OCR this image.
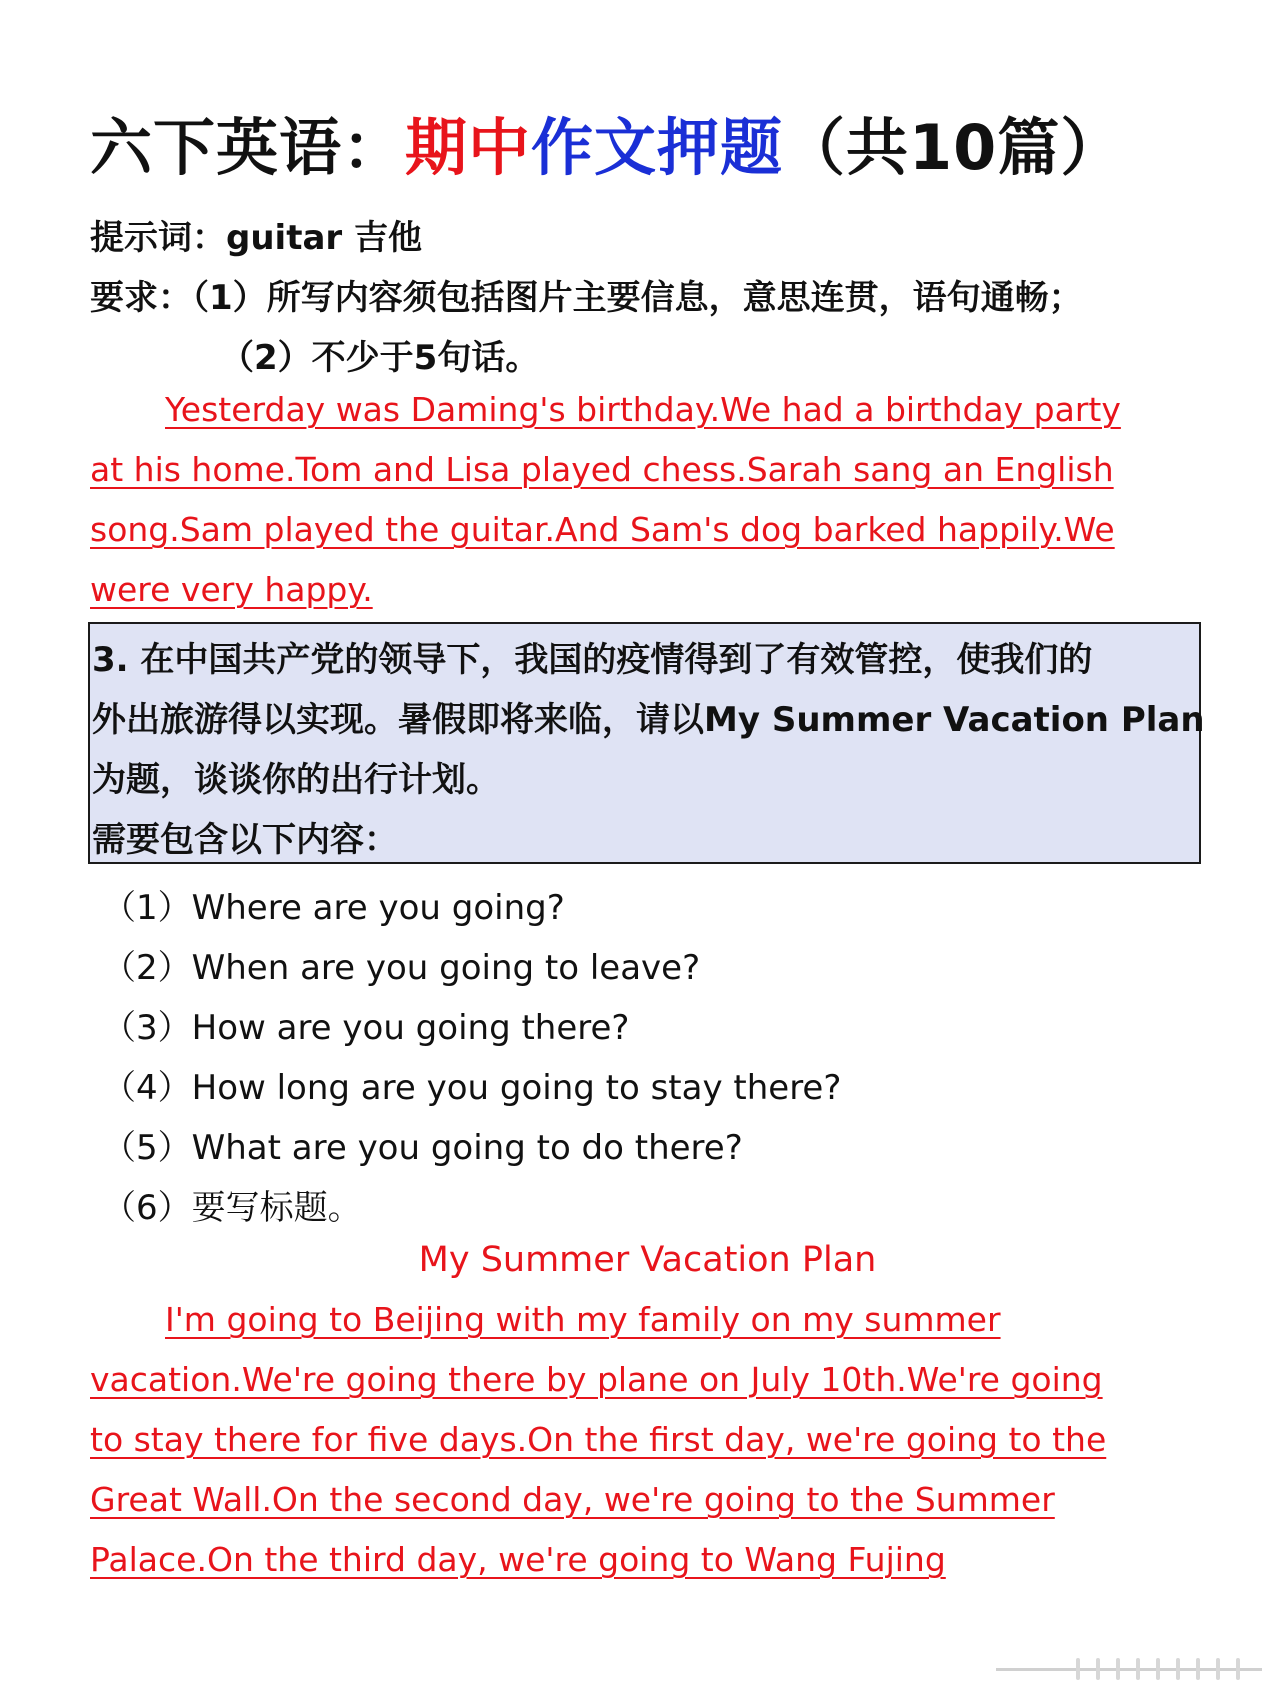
六下英语：期中作文押题（共10篇）
提示词：guitar 吉他
要求：（1）所写内容须包括图片主要信息，意思连贯，语句通畅；
（2）不少于5句话。
Yesterday was Daming's birthday.We had a birthday party
at his home.Tom and Lisa played chess.Sarah sang an English
song.Sam played the guitar.And Sam's dog barked happily.We
were very happy.
3. 在中国共产党的领导下，我国的疫情得到了有效管控，使我们的
外出旅游得以实现。暑假即将来临，请以My Summer Vacation Plan
为题，谈谈你的出行计划。
需要包含以下内容：
（1）Where are you going?
（2）When are you going to leave?
（3）How are you going there?
（4）How long are you going to stay there?
（5）What are you going to do there?
（6）要写标题。
My Summer Vacation Plan
I'm going to Beijing with my family on my summer
vacation.We're going there by plane on July 10th.We're going
to stay there for five days.On the first day, we're going to the
Great Wall.On the second day, we're going to the Summer
Palace.On the third day, we're going to Wang Fujing
